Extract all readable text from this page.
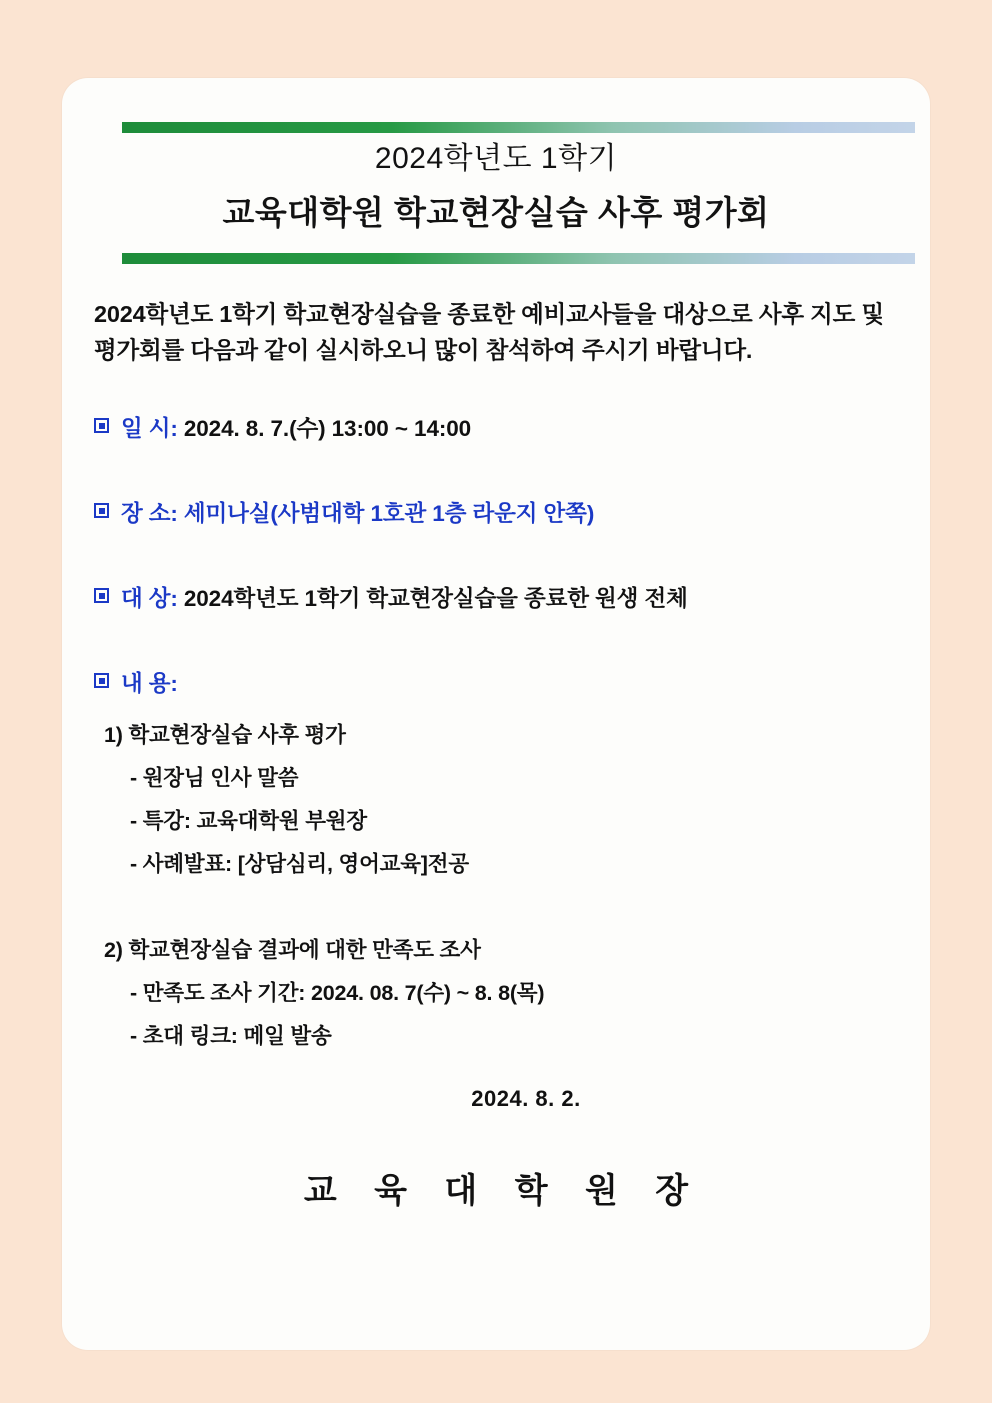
2024학년도 1학기
교육대학원 학교현장실습 사후 평가회
2024학년도 1학기 학교현장실습을 종료한 예비교사들을 대상으로 사후 지도 및 평가회를 다음과 같이 실시하오니 많이 참석하여 주시기 바랍니다.
일 시: 2024. 8. 7.(수) 13:00 ~ 14:00
장 소: 세미나실(사범대학 1호관 1층 라운지 안쪽)
대 상: 2024학년도 1학기 학교현장실습을 종료한 원생 전체
내 용:
1) 학교현장실습 사후 평가
- 원장님 인사 말씀
- 특강: 교육대학원 부원장
- 사례발표: [상담심리, 영어교육]전공
2) 학교현장실습 결과에 대한 만족도 조사
- 만족도 조사 기간: 2024. 08. 7(수) ~ 8. 8(목)
- 초대 링크: 메일 발송
2024. 8. 2.
교 육 대 학 원 장
